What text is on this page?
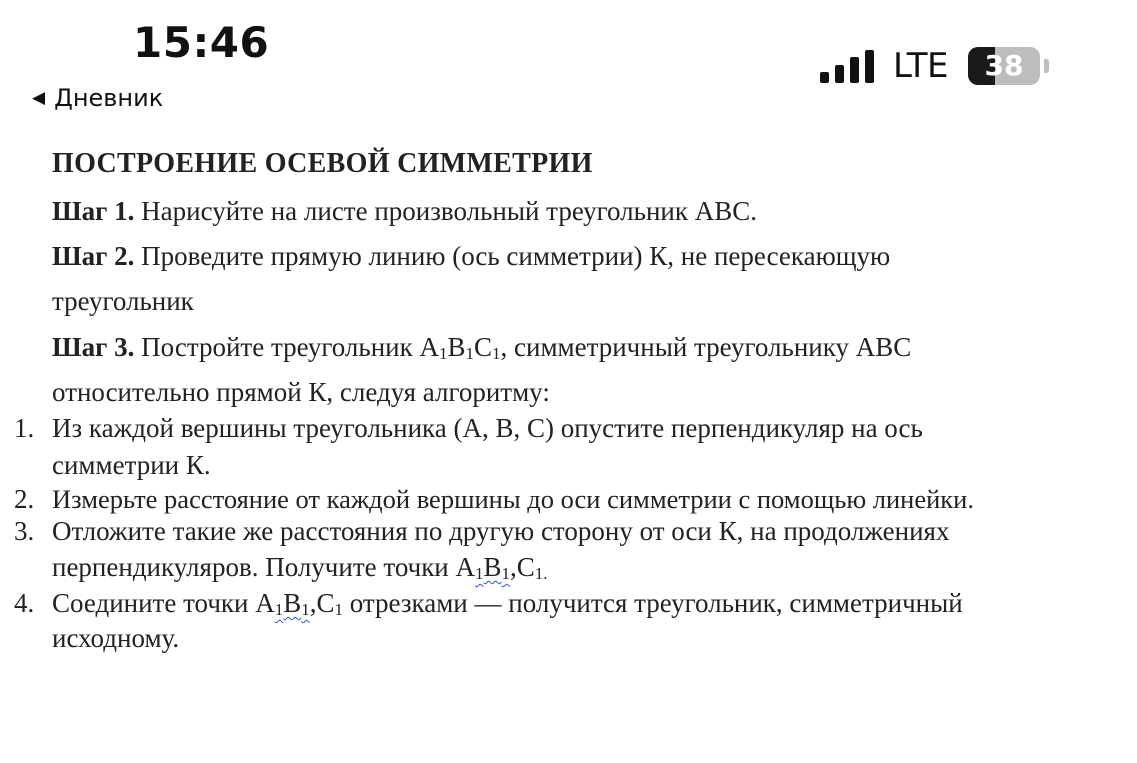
15:46
◀ Дневник
LTE	38
ПОСТРОЕНИЕ ОСЕВОЙ СИММЕТРИИ
Шаг 1. Нарисуйте на листе произвольный треугольник ABC.
Шаг 2. Проведите прямую линию (ось симметрии) К, не пересекающую
треугольник
Шаг 3. Постройте треугольник $A_1B_1C_1$, симметричный треугольнику ABC
относительно прямой К, следуя алгоритму:
1. Из каждой вершины треугольника (А, В, С) опустите перпендикуляр на ось
симметрии К.
2. Измерьте расстояние от каждой вершины до оси симметрии с помощью линейки.
3. Отложите такие же расстояния по другую сторону от оси К, на продолжениях
перпендикуляров. Получите точки $A_1B_1,C_{1.}$
4. Соедините точки $A_1B_1,C_1$ отрезками — получится треугольник, симметричный
исходному.
